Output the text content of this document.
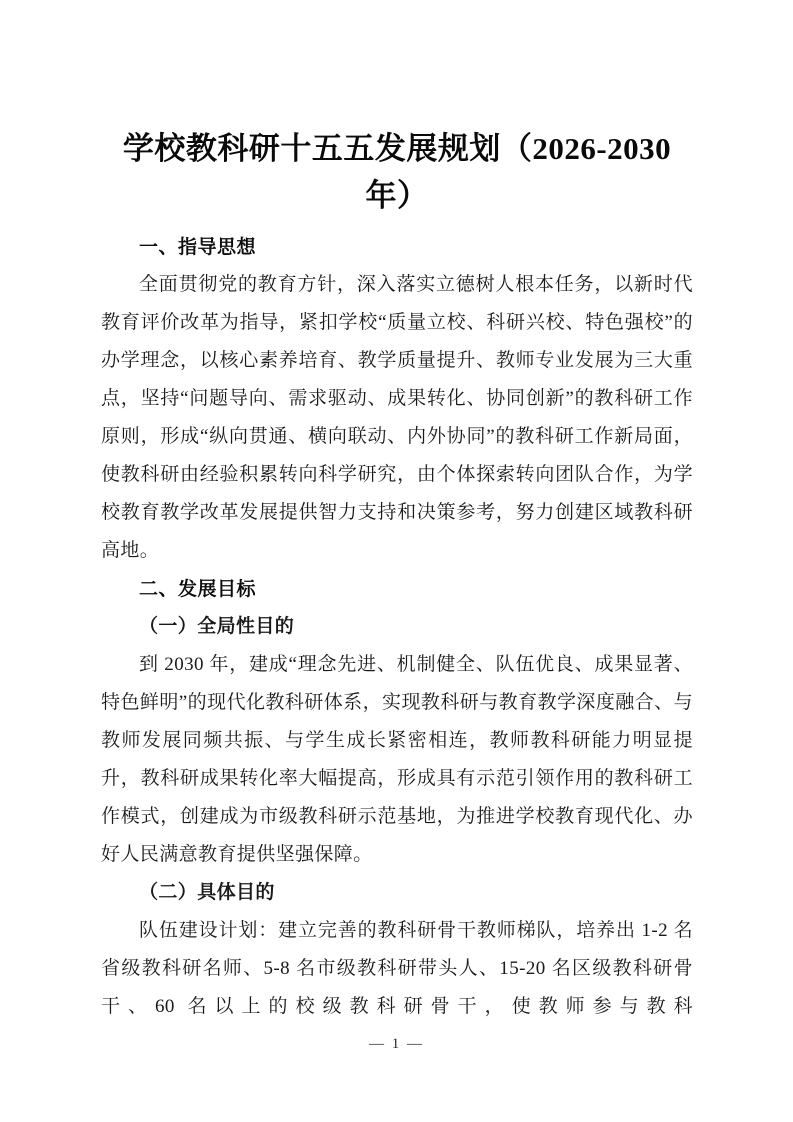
学校教科研十五五发展规划（2026-2030
年）
一、指导思想

全面贯彻党的教育方针，深入落实立德树人根本任务，以新时代教育评价改革为指导，紧扣学校“质量立校、科研兴校、特色强校”的办学理念，以核心素养培育、教学质量提升、教师专业发展为三大重点，坚持“问题导向、需求驱动、成果转化、协同创新”的教科研工作原则，形成“纵向贯通、横向联动、内外协同”的教科研工作新局面，使教科研由经验积累转向科学研究，由个体探索转向团队合作，为学校教育教学改革发展提供智力支持和决策参考，努力创建区域教科研高地。

二、发展目标
（一）全局性目的

到 2030 年，建成“理念先进、机制健全、队伍优良、成果显著、特色鲜明”的现代化教科研体系，实现教科研与教育教学深度融合、与教师发展同频共振、与学生成长紧密相连，教师教科研能力明显提升，教科研成果转化率大幅提高，形成具有示范引领作用的教科研工作模式，创建成为市级教科研示范基地，为推进学校教育现代化、办好人民满意教育提供坚强保障。

（二）具体目的

队伍建设计划：建立完善的教科研骨干教师梯队，培养出 1-2 名省级教科研名师、5-8 名市级教科研带头人、15-20 名区级教科研骨干、60 名以上的校级教科研骨干，使教师参与教科

— 1 —
